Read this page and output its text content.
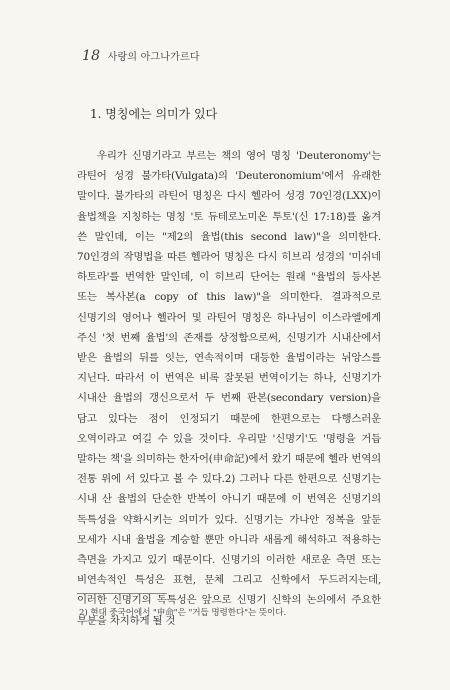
18 사랑의 아그나가르다
1. 명칭에는 의미가 있다

우리가 신명기라고 부르는 책의 영어 명칭 'Deuteronomy'는 라틴어 성경 불가타(Vulgata)의 'Deuteronomium'에서 유래한 말이다. 불가타의 라틴어 명칭은 다시 헬라어 성경 70인경(LXX)이 율법책을 지칭하는 명칭 '토 듀테로노미온 투토'(신 17:18)를 옮겨 쓴 말인데, 이는 "제2의 율법(this second law)"을 의미한다. 70인경의 작명법을 따른 헬라어 명칭은 다시 히브리 성경의 '미쉬네 하토라'를 번역한 말인데, 이 히브리 단어는 원래 "율법의 등사본 또는 복사본(a copy of this law)"을 의미한다. 결과적으로 신명기의 영어나 헬라어 및 라틴어 명칭은 하나님이 이스라엘에게 주신 '첫 번째 율법'의 존재를 상정함으로써, 신명기가 시내산에서 받은 율법의 뒤를 잇는, 연속적이며 대등한 율법이라는 뉘앙스를 지닌다. 따라서 이 번역은 비록 잘못된 번역이기는 하나, 신명기가 시내산 율법의 갱신으로서 두 번째 판본(secondary version)을 담고 있다는 점이 인정되기 때문에 한편으로는 다행스러운 오역이라고 여길 수 있을 것이다. 우리말 '신명기'도 '명령을 거듭 말하는 책'을 의미하는 한자어(申命記)에서 왔기 때문에 헬라 번역의 전통 위에 서 있다고 볼 수 있다.2) 그러나 다른 한편으로 신명기는 시내 산 율법의 단순한 반복이 아니기 때문에 이 번역은 신명기의 독특성을 약화시키는 의미가 있다. 신명기는 가나안 정복을 앞둔 모세가 시내 율법을 계승할 뿐만 아니라 새롭게 해석하고 적용하는 측면을 가지고 있기 때문이다. 신명기의 이러한 새로운 측면 또는 비연속적인 특성은 표현, 문체 그리고 신학에서 두드러지는데, 이러한 신명기의 독특성은 앞으로 신명기 신학의 논의에서 주요한 부분을 차지하게 될 것

2) 현대 중국어에서 "申命"은 "거듭 명령한다"는 뜻이다.
